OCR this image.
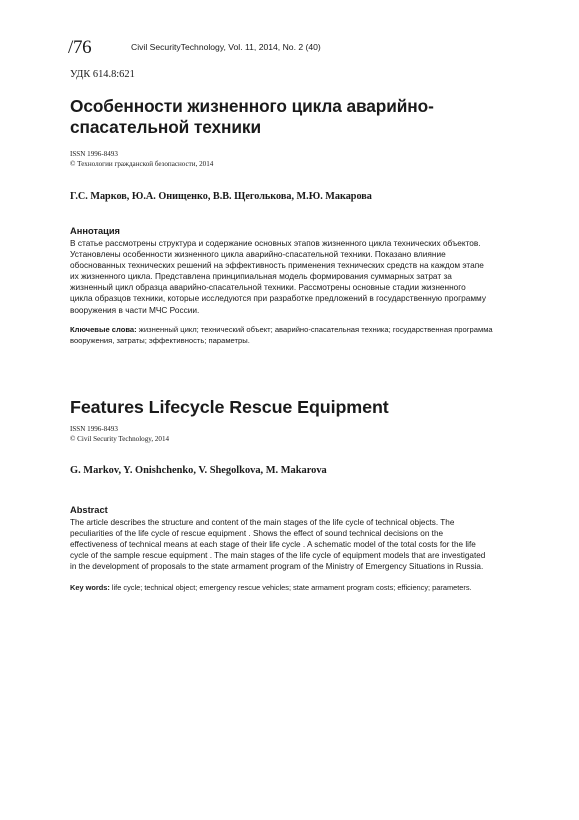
/76	Civil SecurityTechnology, Vol. 11, 2014, No. 2 (40)
УДК 614.8:621
Особенности жизненного цикла аварийно-
спасательной техники
ISSN 1996-8493
© Технологии гражданской безопасности, 2014
Г.С. Марков, Ю.А. Онищенко, В.В. Щеголькова, М.Ю. Макарова
Аннотация
В статье рассмотрены структура и содержание основных этапов жизненного цикла технических объектов.
Установлены особенности жизненного цикла аварийно-спасательной техники. Показано влияние
обоснованных технических решений на эффективность применения технических средств на каждом этапе
их жизненного цикла. Представлена принципиальная модель формирования суммарных затрат за
жизненный цикл образца аварийно-спасательной техники. Рассмотрены основные стадии жизненного
цикла образцов техники, которые исследуются при разработке предложений в государственную программу
вооружения в части МЧС России.
Ключевые слова: жизненный цикл; технический объект; аварийно-спасательная техника; государственная программа
вооружения, затраты; эффективность; параметры.
Features Lifecycle Rescue Equipment
ISSN 1996-8493
© Civil Security Technology, 2014
G. Markov, Y. Onishchenko, V. Shegolkova, M. Makarova
Abstract
The article describes the structure and content of the main stages of the life cycle of technical objects. The
peculiarities of the life cycle of rescue equipment . Shows the effect of sound technical decisions on the
effectiveness of technical means at each stage of their life cycle . A schematic model of the total costs for the life
cycle of the sample rescue equipment . The main stages of the life cycle of equipment models that are investigated
in the development of proposals to the state armament program of the Ministry of Emergency Situations in Russia.
Key words: life cycle; technical object; emergency rescue vehicles; state armament program costs; efficiency; parameters.
